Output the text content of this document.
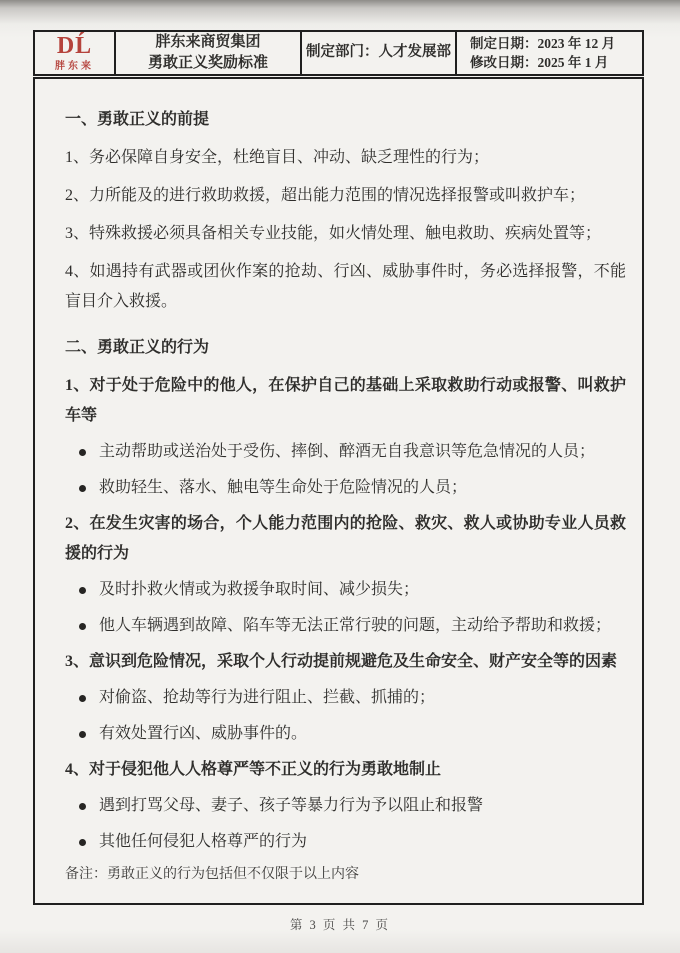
DĹ
胖东来
胖东来商贸集团
勇敢正义奖励标准
制定部门：人才发展部
制定日期：2023 年 12 月
修改日期：2025 年 1 月
一、勇敢正义的前提
1、务必保障自身安全，杜绝盲目、冲动、缺乏理性的行为；
2、力所能及的进行救助救援，超出能力范围的情况选择报警或叫救护车；
3、特殊救援必须具备相关专业技能，如火情处理、触电救助、疾病处置等；
4、如遇持有武器或团伙作案的抢劫、行凶、威胁事件时，务必选择报警，不能盲目介入救援。
二、勇敢正义的行为
1、对于处于危险中的他人，在保护自己的基础上采取救助行动或报警、叫救护车等
主动帮助或送治处于受伤、摔倒、醉酒无自我意识等危急情况的人员；
救助轻生、落水、触电等生命处于危险情况的人员；
2、在发生灾害的场合，个人能力范围内的抢险、救灾、救人或协助专业人员救援的行为
及时扑救火情或为救援争取时间、减少损失；
他人车辆遇到故障、陷车等无法正常行驶的问题，主动给予帮助和救援；
3、意识到危险情况，采取个人行动提前规避危及生命安全、财产安全等的因素
对偷盗、抢劫等行为进行阻止、拦截、抓捕的；
有效处置行凶、威胁事件的。
4、对于侵犯他人人格尊严等不正义的行为勇敢地制止
遇到打骂父母、妻子、孩子等暴力行为予以阻止和报警
其他任何侵犯人格尊严的行为
备注：勇敢正义的行为包括但不仅限于以上内容
第 3 页 共 7 页
